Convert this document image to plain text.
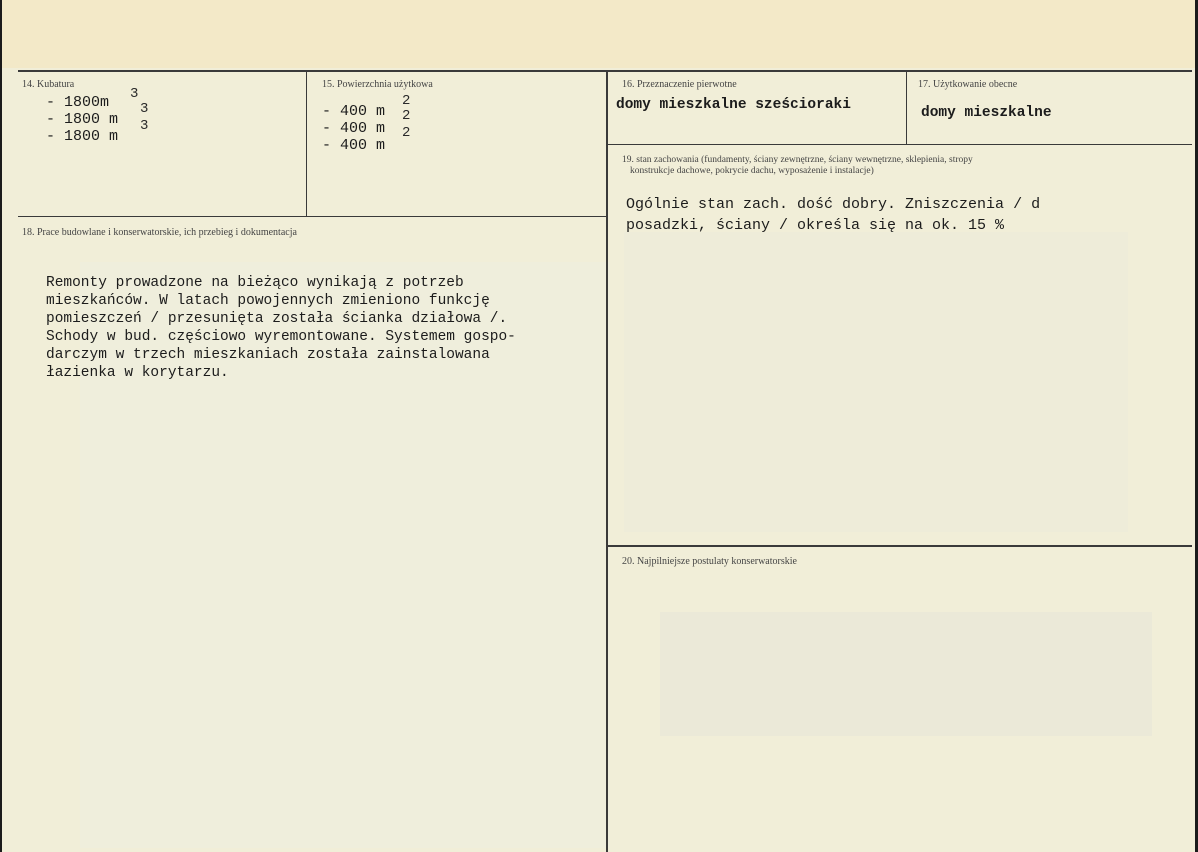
14. Kubatura
- 1800m 3
- 1800 m
3
- 1800 m
3
15. Powierzchnia użytkowa
- 400 m
2
- 400 m
2
- 400 m
2
16. Przeznaczenie pierwotne
domy mieszkalne sześcioraki
17. Użytkowanie obecne
domy mieszkalne
18. Prace budowlane i konserwatorskie, ich przebieg i dokumentacja
Remonty prowadzone na bieżąco wynikają z potrzeb
mieszkańców. W latach powojennych zmieniono funkcję
pomieszczeń / przesunięta została ścianka działowa /.
Schody w bud. częściowo wyremontowane. Systemem gospo-
darczym w trzech mieszkaniach została zainstalowana
łazienka w korytarzu.
19. stan zachowania (fundamenty, ściany zewnętrzne, ściany wewnętrzne, sklepienia, stropy
konstrukcje dachowe, pokrycie dachu, wyposażenie i instalacje)
Ogólnie stan zach. dość dobry. Zniszczenia / d
posadzki, ściany / określa się na ok. 15 %
20. Najpilniejsze postulaty konserwatorskie
